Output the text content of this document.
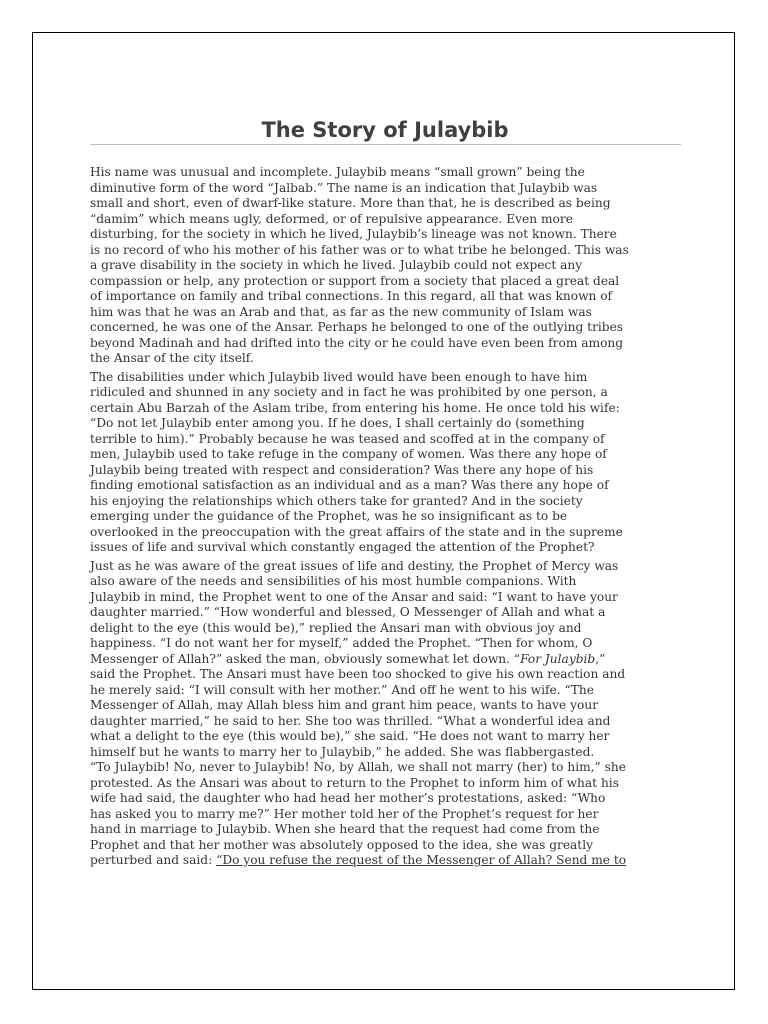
The Story of Julaybib

His name was unusual and incomplete. Julaybib means “small grown” being the
diminutive form of the word “Jalbab.” The name is an indication that Julaybib was
small and short, even of dwarf-like stature. More than that, he is described as being
“damim” which means ugly, deformed, or of repulsive appearance. Even more
disturbing, for the society in which he lived, Julaybib’s lineage was not known. There
is no record of who his mother of his father was or to what tribe he belonged. This was
a grave disability in the society in which he lived. Julaybib could not expect any
compassion or help, any protection or support from a society that placed a great deal
of importance on family and tribal connections. In this regard, all that was known of
him was that he was an Arab and that, as far as the new community of Islam was
concerned, he was one of the Ansar. Perhaps he belonged to one of the outlying tribes
beyond Madinah and had drifted into the city or he could have even been from among
the Ansar of the city itself.

The disabilities under which Julaybib lived would have been enough to have him
ridiculed and shunned in any society and in fact he was prohibited by one person, a
certain Abu Barzah of the Aslam tribe, from entering his home. He once told his wife:
“Do not let Julaybib enter among you. If he does, I shall certainly do (something
terrible to him).” Probably because he was teased and scoffed at in the company of
men, Julaybib used to take refuge in the company of women. Was there any hope of
Julaybib being treated with respect and consideration? Was there any hope of his
finding emotional satisfaction as an individual and as a man? Was there any hope of
his enjoying the relationships which others take for granted? And in the society
emerging under the guidance of the Prophet, was he so insignificant as to be
overlooked in the preoccupation with the great affairs of the state and in the supreme
issues of life and survival which constantly engaged the attention of the Prophet?

Just as he was aware of the great issues of life and destiny, the Prophet of Mercy was
also aware of the needs and sensibilities of his most humble companions. With
Julaybib in mind, the Prophet went to one of the Ansar and said: “I want to have your
daughter married.” “How wonderful and blessed, O Messenger of Allah and what a
delight to the eye (this would be),” replied the Ansari man with obvious joy and
happiness. “I do not want her for myself,” added the Prophet. “Then for whom, O
Messenger of Allah?” asked the man, obviously somewhat let down. “For Julaybib,”
said the Prophet. The Ansari must have been too shocked to give his own reaction and
he merely said: “I will consult with her mother.” And off he went to his wife. “The
Messenger of Allah, may Allah bless him and grant him peace, wants to have your
daughter married,” he said to her. She too was thrilled. “What a wonderful idea and
what a delight to the eye (this would be),” she said. “He does not want to marry her
himself but he wants to marry her to Julaybib,” he added. She was flabbergasted.
“To Julaybib! No, never to Julaybib! No, by Allah, we shall not marry (her) to him,” she
protested. As the Ansari was about to return to the Prophet to inform him of what his
wife had said, the daughter who had head her mother’s protestations, asked: “Who
has asked you to marry me?” Her mother told her of the Prophet’s request for her
hand in marriage to Julaybib. When she heard that the request had come from the
Prophet and that her mother was absolutely opposed to the idea, she was greatly
perturbed and said: “Do you refuse the request of the Messenger of Allah? Send me to
